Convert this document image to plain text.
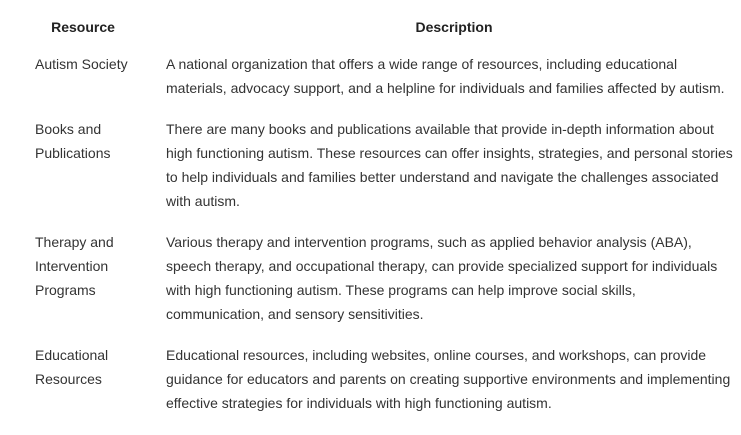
Resource	Description
Autism Society	A national organization that offers a wide range of resources, including educational materials, advocacy support, and a helpline for individuals and families affected by autism.
Books and Publications	There are many books and publications available that provide in-depth information about high functioning autism. These resources can offer insights, strategies, and personal stories to help individuals and families better understand and navigate the challenges associated with autism.
Therapy and Intervention Programs	Various therapy and intervention programs, such as applied behavior analysis (ABA), speech therapy, and occupational therapy, can provide specialized support for individuals with high functioning autism. These programs can help improve social skills, communication, and sensory sensitivities.
Educational Resources	Educational resources, including websites, online courses, and workshops, can provide guidance for educators and parents on creating supportive environments and implementing effective strategies for individuals with high functioning autism.
